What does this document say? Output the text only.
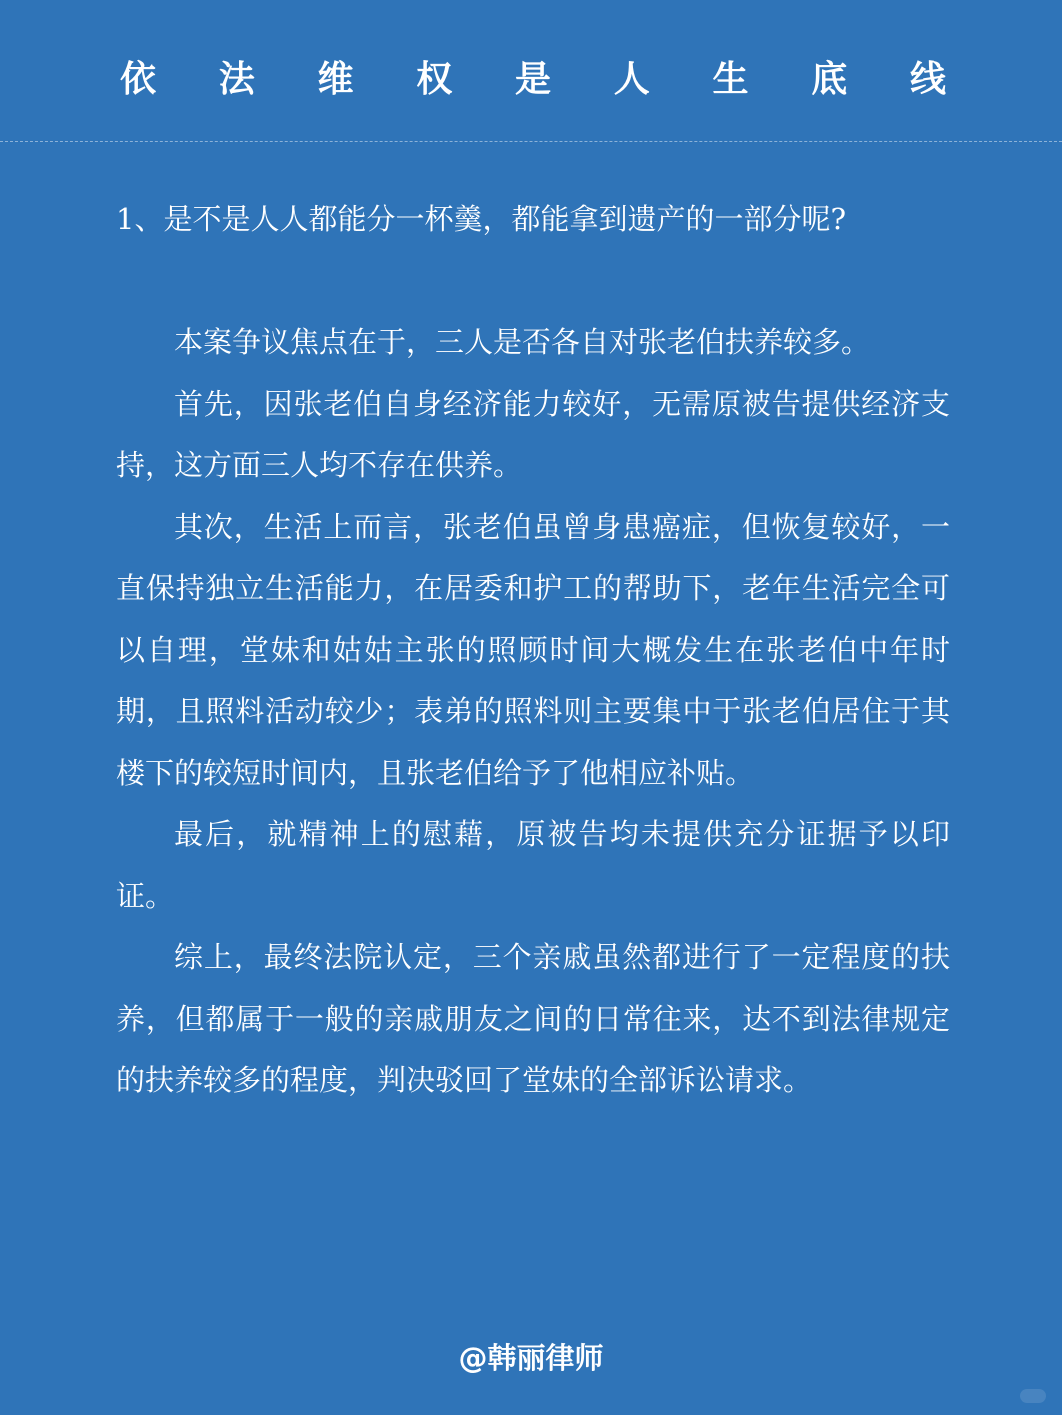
依 法 维 权 是 人 生 底 线
1、是不是人人都能分一杯羹，都能拿到遗产的一部分呢?

本案争议焦点在于，三人是否各自对张老伯扶养较多。

首先，因张老伯自身经济能力较好，无需原被告提供经济支持，这方面三人均不存在供养。

其次，生活上而言，张老伯虽曾身患癌症，但恢复较好，一直保持独立生活能力，在居委和护工的帮助下，老年生活完全可以自理，堂妹和姑姑主张的照顾时间大概发生在张老伯中年时期，且照料活动较少；表弟的照料则主要集中于张老伯居住于其楼下的较短时间内，且张老伯给予了他相应补贴。

最后，就精神上的慰藉，原被告均未提供充分证据予以印证。

综上，最终法院认定，三个亲戚虽然都进行了一定程度的扶养，但都属于一般的亲戚朋友之间的日常往来，达不到法律规定的扶养较多的程度，判决驳回了堂妹的全部诉讼请求。

@韩丽律师
